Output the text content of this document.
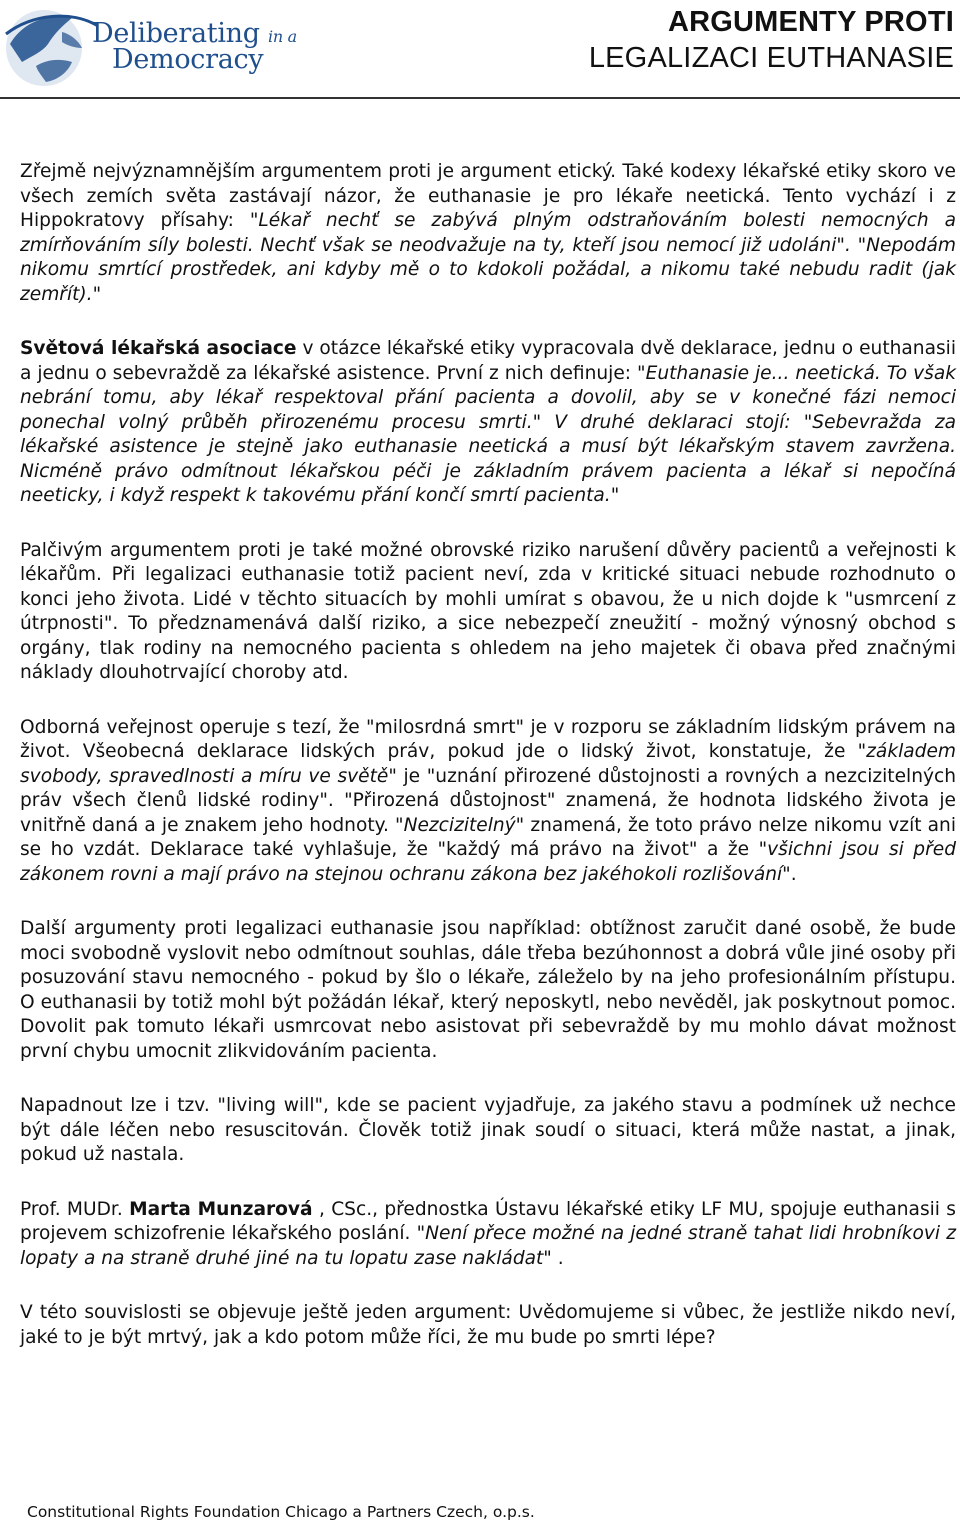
Deliberating in a
Democracy
ARGUMENTY PROTI
LEGALIZACI EUTHANASIE

Zřejmě nejvýznamnějším argumentem proti je argument etický. Také kodexy lékařské etiky skoro ve všech zemích světa zastávají názor, že euthanasie je pro lékaře neetická. Tento vychází i z Hippokratovy přísahy: "Lékař nechť se zabývá plným odstraňováním bolesti nemocných a zmírňováním síly bolesti. Nechť však se neodvažuje na ty, kteří jsou nemocí již udoláni". "Nepodám nikomu smrtící prostředek, ani kdyby mě o to kdokoli požádal, a nikomu také nebudu radit (jak zemřít)."

Světová lékařská asociace v otázce lékařské etiky vypracovala dvě deklarace, jednu o euthanasii a jednu o sebevraždě za lékařské asistence. První z nich definuje: "Euthanasie je... neetická. To však nebrání tomu, aby lékař respektoval přání pacienta a dovolil, aby se v konečné fázi nemoci ponechal volný průběh přirozenému procesu smrti." V druhé deklaraci stojí: "Sebevražda za lékařské asistence je stejně jako euthanasie neetická a musí být lékařským stavem zavržena. Nicméně právo odmítnout lékařskou péči je základním právem pacienta a lékař si nepočíná neeticky, i když respekt k takovému přání končí smrtí pacienta."

Palčivým argumentem proti je také možné obrovské riziko narušení důvěry pacientů a veřejnosti k lékařům. Při legalizaci euthanasie totiž pacient neví, zda v kritické situaci nebude rozhodnuto o konci jeho života. Lidé v těchto situacích by mohli umírat s obavou, že u nich dojde k "usmrcení z útrpnosti". To předznamenává další riziko, a sice nebezpečí zneužití - možný výnosný obchod s orgány, tlak rodiny na nemocného pacienta s ohledem na jeho majetek či obava před značnými náklady dlouhotrvající choroby atd.

Odborná veřejnost operuje s tezí, že "milosrdná smrt" je v rozporu se základním lidským právem na život. Všeobecná deklarace lidských práv, pokud jde o lidský život, konstatuje, že "základem svobody, spravedlnosti a míru ve světě" je "uznání přirozené důstojnosti a rovných a nezcizitelných práv všech členů lidské rodiny". "Přirozená důstojnost" znamená, že hodnota lidského života je vnitřně daná a je znakem jeho hodnoty. "Nezcizitelný" znamená, že toto právo nelze nikomu vzít ani se ho vzdát. Deklarace také vyhlašuje, že "každý má právo na život" a že "všichni jsou si před zákonem rovni a mají právo na stejnou ochranu zákona bez jakéhokoli rozlišování".

Další argumenty proti legalizaci euthanasie jsou například: obtížnost zaručit dané osobě, že bude moci svobodně vyslovit nebo odmítnout souhlas, dále třeba bezúhonnost a dobrá vůle jiné osoby při posuzování stavu nemocného - pokud by šlo o lékaře, záleželo by na jeho profesionálním přístupu. O euthanasii by totiž mohl být požádán lékař, který neposkytl, nebo nevěděl, jak poskytnout pomoc. Dovolit pak tomuto lékaři usmrcovat nebo asistovat při sebevraždě by mu mohlo dávat možnost první chybu umocnit zlikvidováním pacienta.

Napadnout lze i tzv. "living will", kde se pacient vyjadřuje, za jakého stavu a podmínek už nechce být dále léčen nebo resuscitován. Člověk totiž jinak soudí o situaci, která může nastat, a jinak, pokud už nastala.

Prof. MUDr. Marta Munzarová , CSc., přednostka Ústavu lékařské etiky LF MU, spojuje euthanasii s projevem schizofrenie lékařského poslání. "Není přece možné na jedné straně tahat lidi hrobníkovi z lopaty a na straně druhé jiné na tu lopatu zase nakládat" .

V této souvislosti se objevuje ještě jeden argument: Uvědomujeme si vůbec, že jestliže nikdo neví, jaké to je být mrtvý, jak a kdo potom může říci, že mu bude po smrti lépe?

Constitutional Rights Foundation Chicago a Partners Czech, o.p.s.
